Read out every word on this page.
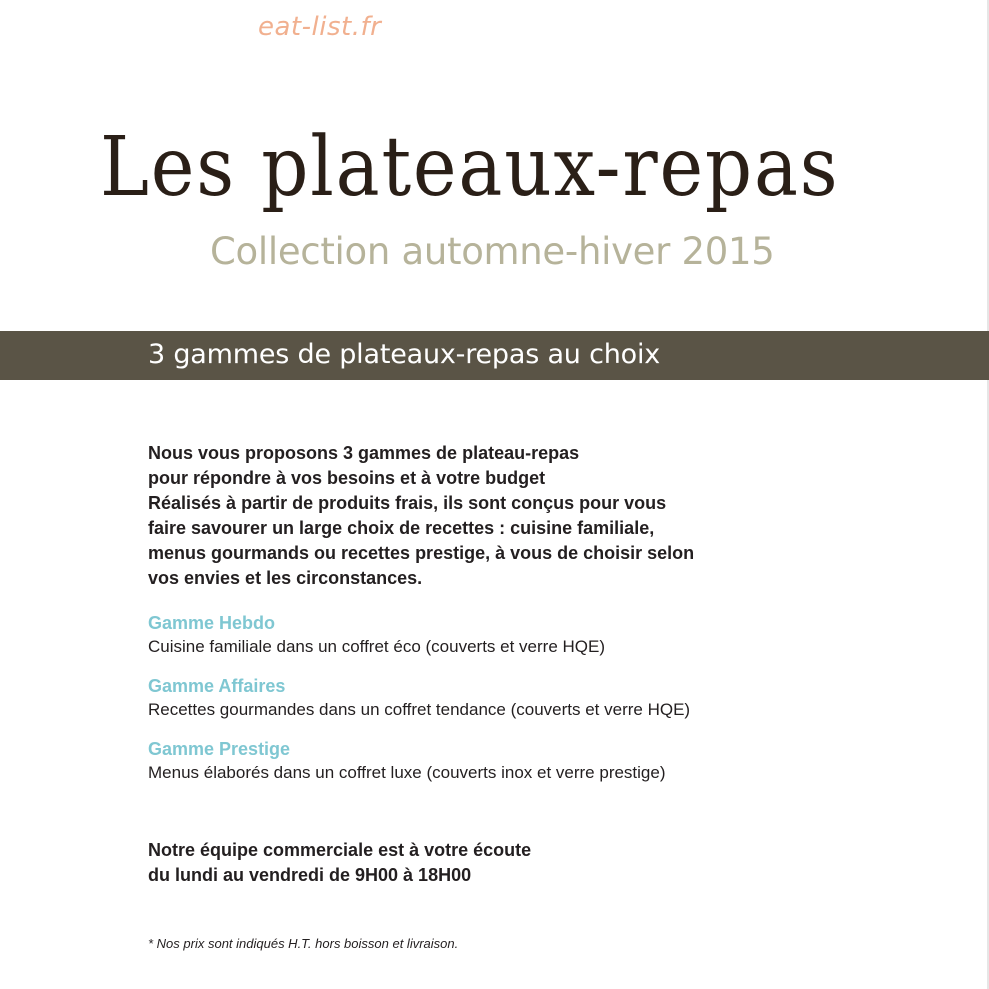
eat-list.fr
Les plateaux-repas
Collection automne-hiver 2015
3 gammes de plateaux-repas au choix
Nous vous proposons 3 gammes de plateau-repas
pour répondre à vos besoins et à votre budget
Réalisés à partir de produits frais, ils sont conçus pour vous
faire savourer un large choix de recettes : cuisine familiale,
menus gourmands ou recettes prestige, à vous de choisir selon
vos envies et les circonstances.
Gamme Hebdo
Cuisine familiale dans un coffret éco (couverts et verre HQE)
Gamme Affaires
Recettes gourmandes dans un coffret tendance (couverts et verre HQE)
Gamme Prestige
Menus élaborés dans un coffret luxe (couverts inox et verre prestige)
Notre équipe commerciale est à votre écoute
du lundi au vendredi de 9H00 à 18H00
* Nos prix sont indiqués H.T. hors boisson et livraison.
